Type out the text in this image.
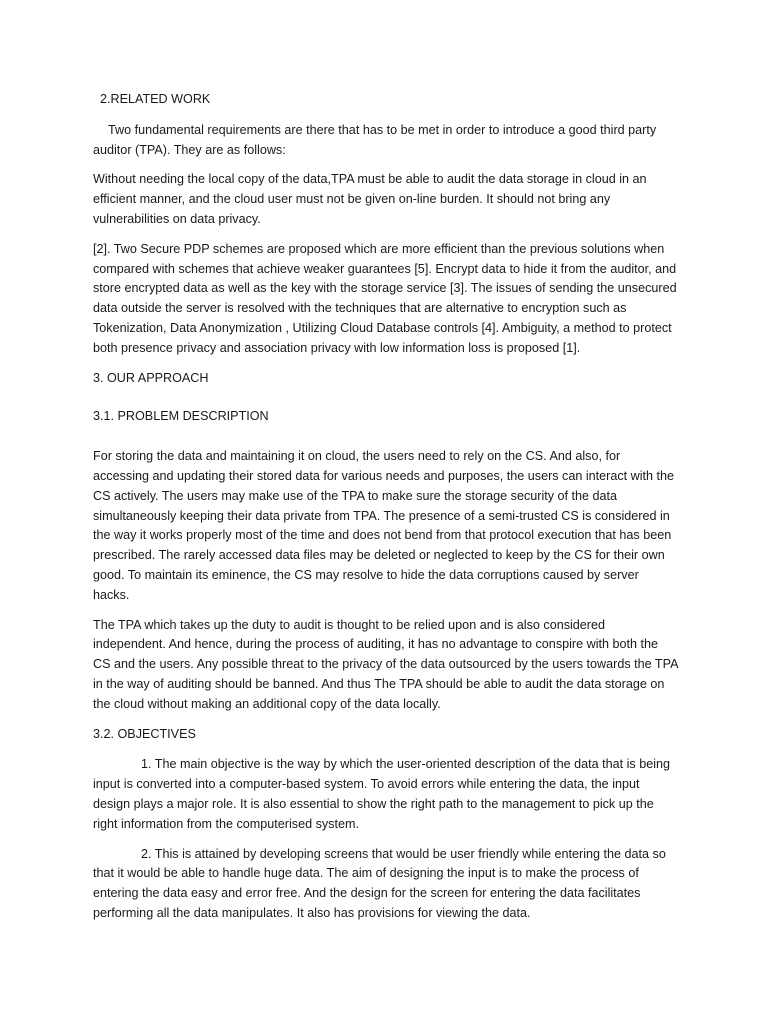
2.RELATED WORK
Two fundamental requirements are there that has to be met in order to introduce a good third party auditor (TPA). They are as follows:
Without needing the local copy of the data,TPA must be able to audit the data storage in cloud in an efficient manner, and the cloud user must not be given on-line burden. It should not bring any vulnerabilities on data privacy.
[2]. Two Secure PDP schemes are proposed which are more efficient than the previous solutions when compared with schemes that achieve weaker guarantees [5]. Encrypt data to hide it from the auditor, and store encrypted data as well as the key with the storage service [3]. The issues of sending the unsecured data outside the server is resolved with the techniques that are alternative to encryption such as Tokenization, Data Anonymization , Utilizing Cloud Database controls [4]. Ambiguity, a method to protect both presence privacy and association privacy with low information loss is proposed [1].
3. OUR APPROACH
3.1. PROBLEM DESCRIPTION
For storing the data and maintaining it on cloud, the users need to rely on the CS. And also, for accessing and updating their stored data for various needs and purposes, the users can interact with the CS actively. The users may make use of the TPA to make sure the storage security of the data simultaneously keeping their data private from TPA. The presence of a semi-trusted CS is considered in the way it works properly most of the time and does not bend from that protocol execution that has been prescribed. The rarely accessed data files may be deleted or neglected to keep by the CS for their own good. To maintain its eminence, the CS may resolve to hide the data corruptions caused by server hacks.
The TPA which takes up the duty to audit is thought to be relied upon and is also considered independent. And hence, during the process of auditing, it has no advantage to conspire with both the CS and the users. Any possible threat to the privacy of the data outsourced by the users towards the TPA in the way of auditing should be banned. And thus The TPA should be able to audit the data storage on the cloud without making an additional copy of the data locally.
3.2. OBJECTIVES
1. The main objective is the way by which the user-oriented description of the data that is being input is converted into a computer-based system. To avoid errors while entering the data, the input design plays a major role. It is also essential to show the right path to the management to pick up the right information from the computerised system.
2. This is attained by developing screens that would be user friendly while entering the data so that it would be able to handle huge data. The aim of designing the input is to make the process of entering the data easy and error free. And the design for the screen for entering the data facilitates performing all the data manipulates. It also has provisions for viewing the data.
